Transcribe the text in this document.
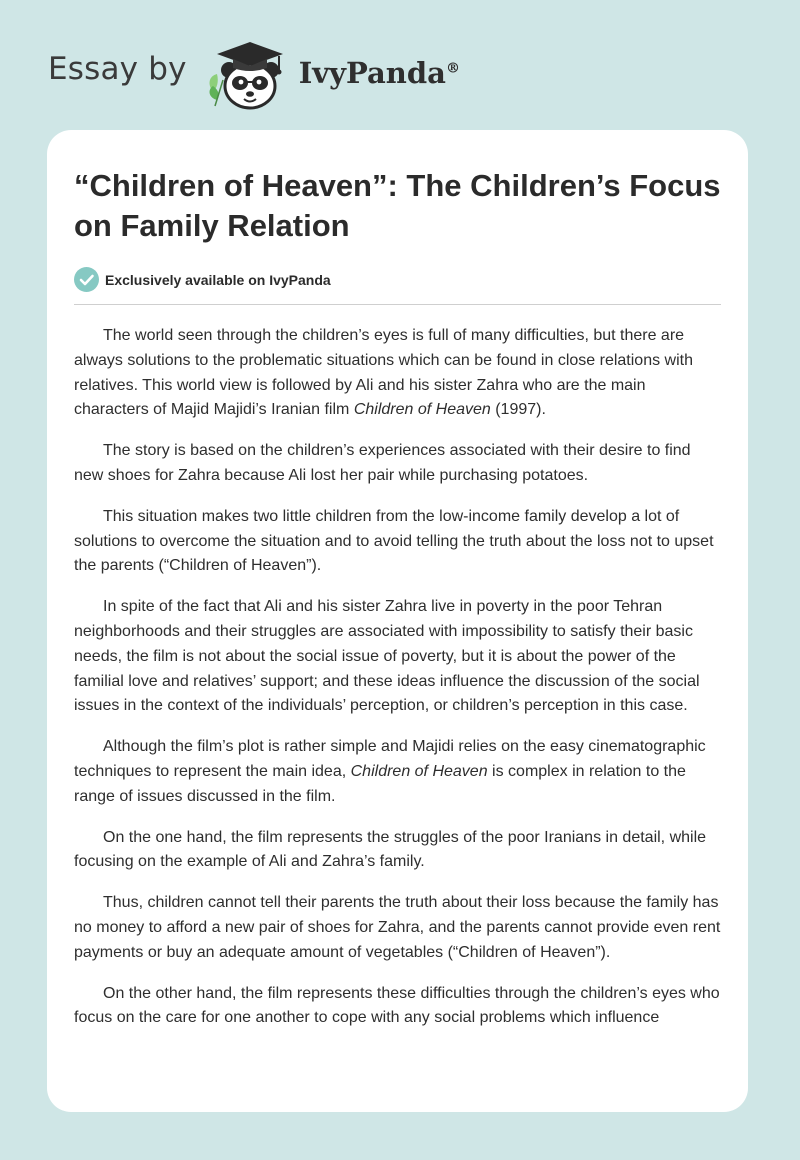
Essay by	IvyPanda®
“Children of Heaven”: The Children’s Focus on Family Relation
Exclusively available on IvyPanda

The world seen through the children’s eyes is full of many difficulties, but there are always solutions to the problematic situations which can be found in close relations with relatives. This world view is followed by Ali and his sister Zahra who are the main characters of Majid Majidi’s Iranian film Children of Heaven (1997).

The story is based on the children’s experiences associated with their desire to find new shoes for Zahra because Ali lost her pair while purchasing potatoes.

This situation makes two little children from the low-income family develop a lot of solutions to overcome the situation and to avoid telling the truth about the loss not to upset the parents (“Children of Heaven”).

In spite of the fact that Ali and his sister Zahra live in poverty in the poor Tehran neighborhoods and their struggles are associated with impossibility to satisfy their basic needs, the film is not about the social issue of poverty, but it is about the power of the familial love and relatives’ support; and these ideas influence the discussion of the social issues in the context of the individuals’ perception, or children’s perception in this case.

Although the film’s plot is rather simple and Majidi relies on the easy cinematographic techniques to represent the main idea, Children of Heaven is complex in relation to the range of issues discussed in the film.

On the one hand, the film represents the struggles of the poor Iranians in detail, while focusing on the example of Ali and Zahra’s family.

Thus, children cannot tell their parents the truth about their loss because the family has no money to afford a new pair of shoes for Zahra, and the parents cannot provide even rent payments or buy an adequate amount of vegetables (“Children of Heaven”).

On the other hand, the film represents these difficulties through the children’s eyes who focus on the care for one another to cope with any social problems which influence
